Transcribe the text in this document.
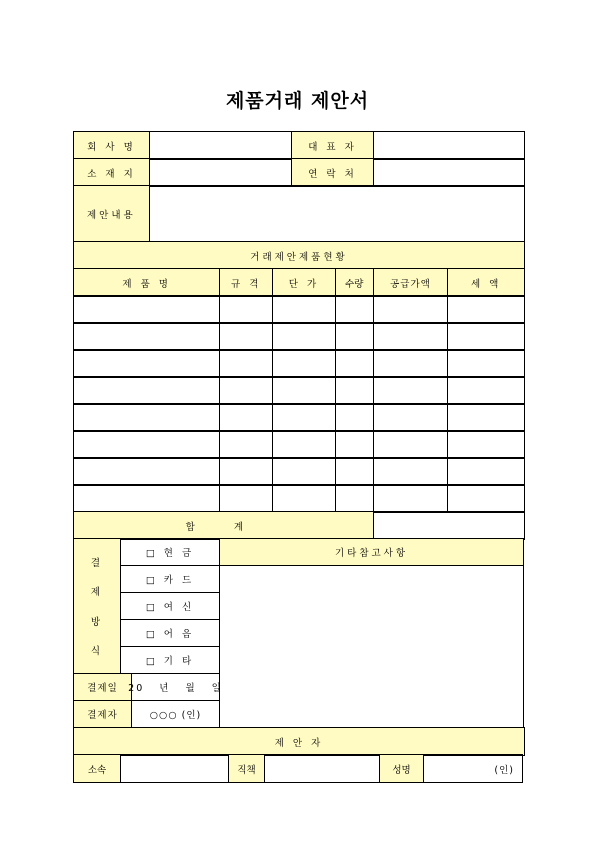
제품거래 제안서
회 사 명	대 표 자
소 재 지	연 락 처
제안내용
거래제안제품현황
제 품 명	규 격	단 가	수량	공급가액	세 액
합 계
결
제
방
식
□ 현 금
□ 카 드
□ 여 신
□ 어 음
□ 기 타
기타참고사항
결제일	20 년 월 일
결제자	○○○ (인)
제 안 자
소속	직책	성명	(인)
